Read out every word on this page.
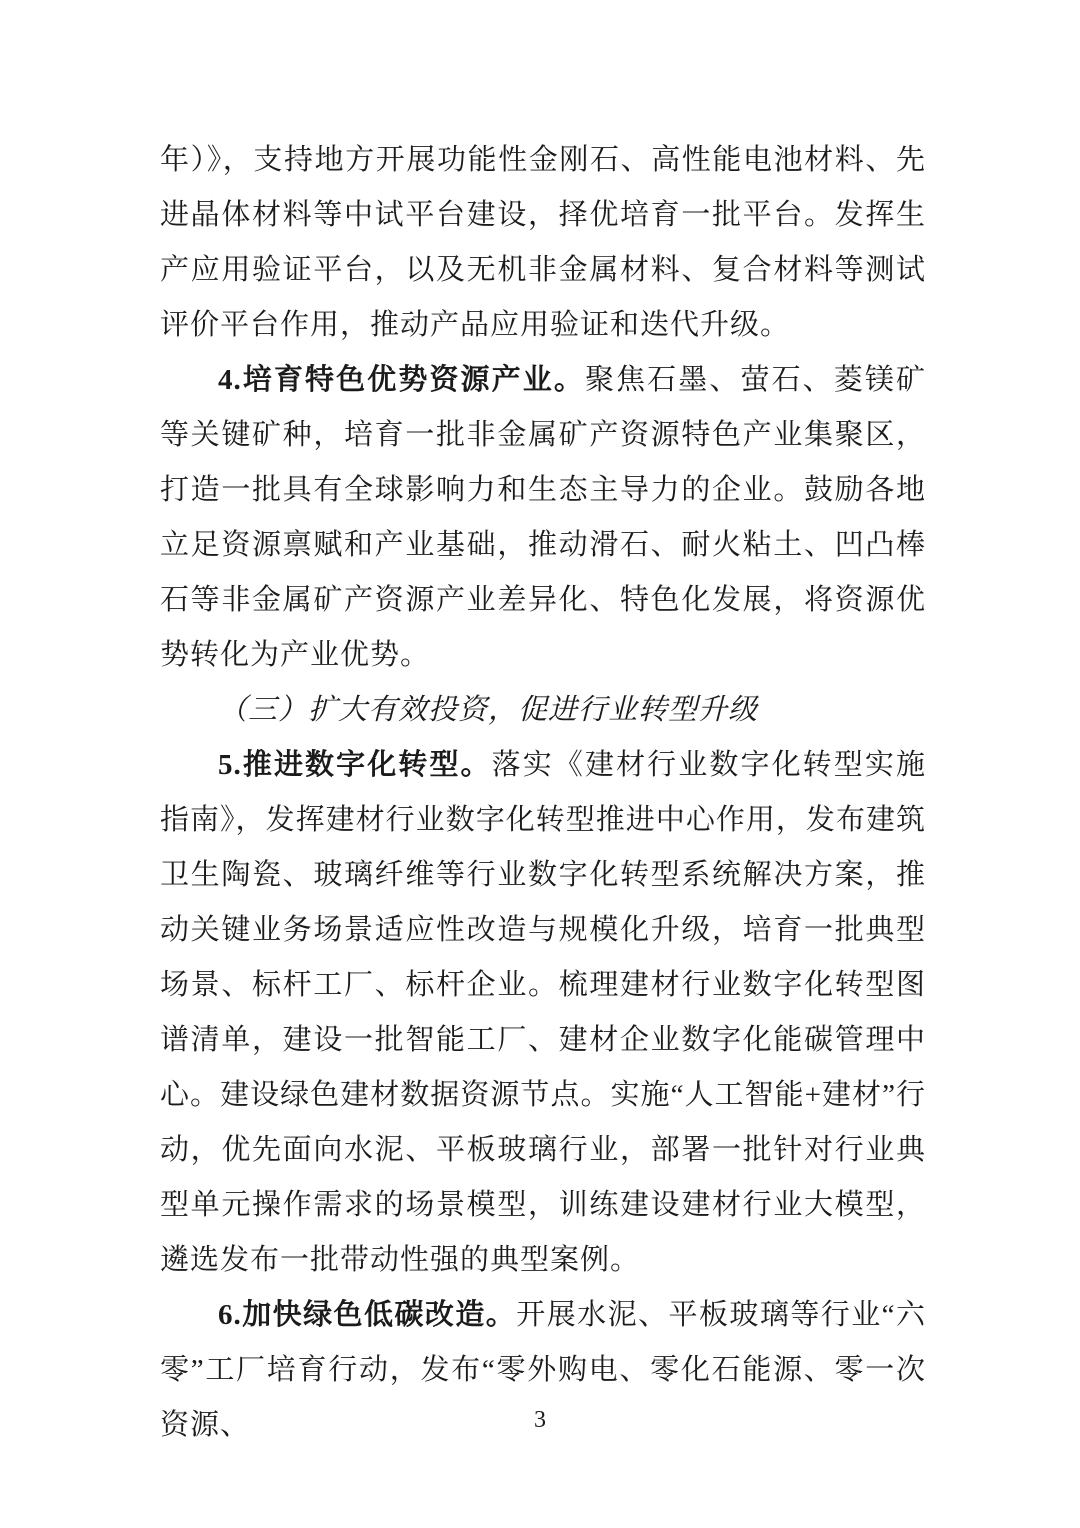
年）》，支持地方开展功能性金刚石、高性能电池材料、先进晶体材料等中试平台建设，择优培育一批平台。发挥生产应用验证平台，以及无机非金属材料、复合材料等测试评价平台作用，推动产品应用验证和迭代升级。

4.培育特色优势资源产业。聚焦石墨、萤石、菱镁矿等关键矿种，培育一批非金属矿产资源特色产业集聚区，打造一批具有全球影响力和生态主导力的企业。鼓励各地立足资源禀赋和产业基础，推动滑石、耐火粘土、凹凸棒石等非金属矿产资源产业差异化、特色化发展，将资源优势转化为产业优势。

（三）扩大有效投资，促进行业转型升级

5.推进数字化转型。落实《建材行业数字化转型实施指南》，发挥建材行业数字化转型推进中心作用，发布建筑卫生陶瓷、玻璃纤维等行业数字化转型系统解决方案，推动关键业务场景适应性改造与规模化升级，培育一批典型场景、标杆工厂、标杆企业。梳理建材行业数字化转型图谱清单，建设一批智能工厂、建材企业数字化能碳管理中心。建设绿色建材数据资源节点。实施“人工智能+建材”行动，优先面向水泥、平板玻璃行业，部署一批针对行业典型单元操作需求的场景模型，训练建设建材行业大模型，遴选发布一批带动性强的典型案例。

6.加快绿色低碳改造。开展水泥、平板玻璃等行业“六零”工厂培育行动，发布“零外购电、零化石能源、零一次资源、	3
